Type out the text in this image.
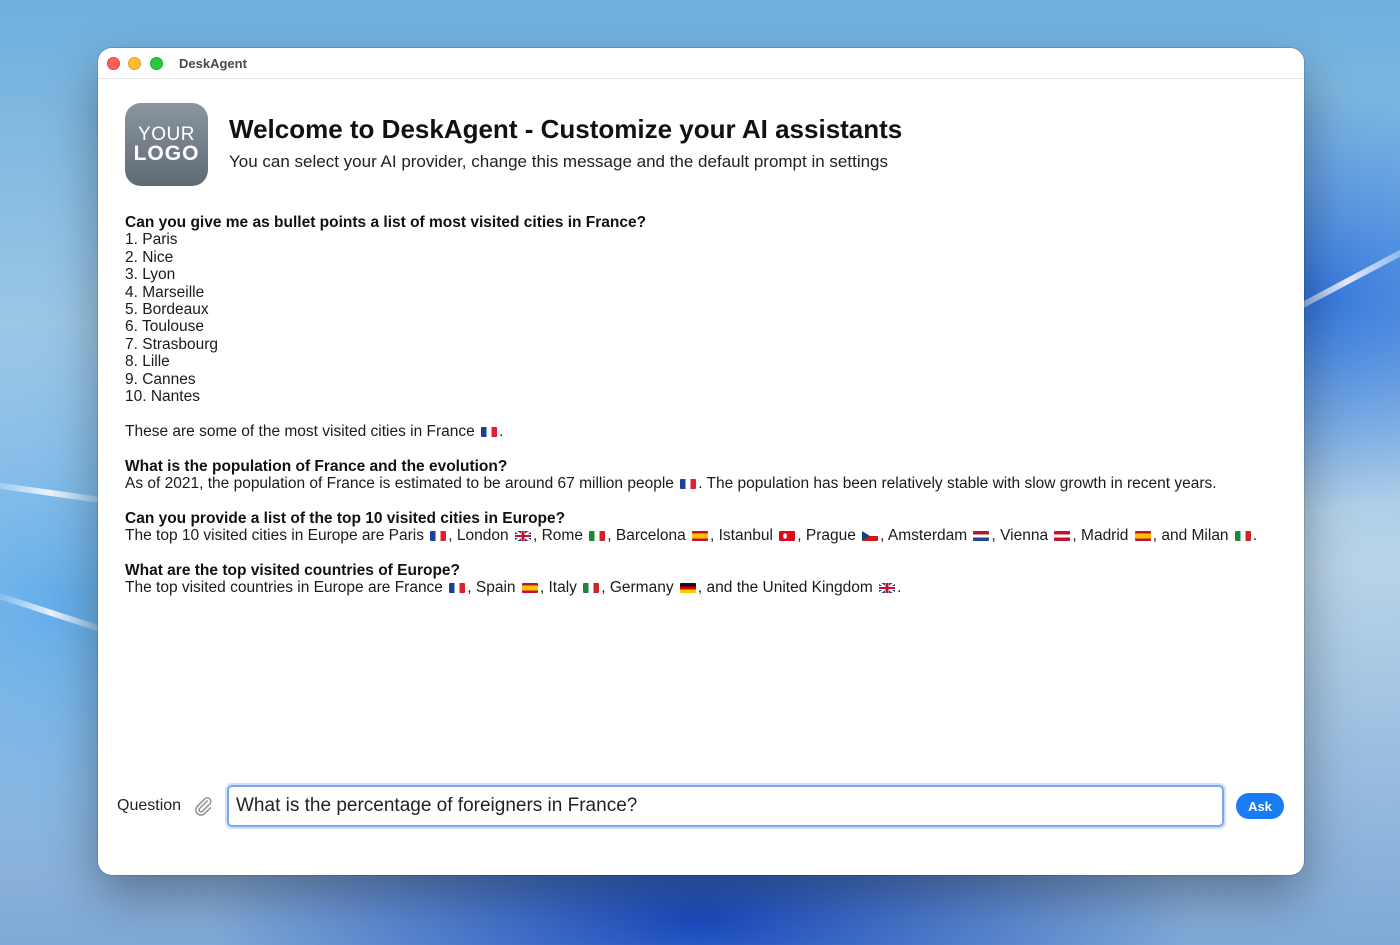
DeskAgent
YOUR
LOGO
Welcome to DeskAgent - Customize your AI assistants
You can select your AI provider, change this message and the default prompt in settings
Can you give me as bullet points a list of most visited cities in France?
1. Paris
2. Nice
3. Lyon
4. Marseille
5. Bordeaux
6. Toulouse
7. Strasbourg
8. Lille
9. Cannes
10. Nantes
These are some of the most visited cities in France .
What is the population of France and the evolution?
As of 2021, the population of France is estimated to be around 67 million people . The population has been relatively stable with slow growth in recent years.
Can you provide a list of the top 10 visited cities in Europe?
The top 10 visited cities in Europe are Paris , London , Rome , Barcelona , Istanbul , Prague , Amsterdam , Vienna , Madrid , and Milan .
What are the top visited countries of Europe?
The top visited countries in Europe are France , Spain , Italy , Germany , and the United Kingdom .
Question
What is the percentage of foreigners in France?	Ask
